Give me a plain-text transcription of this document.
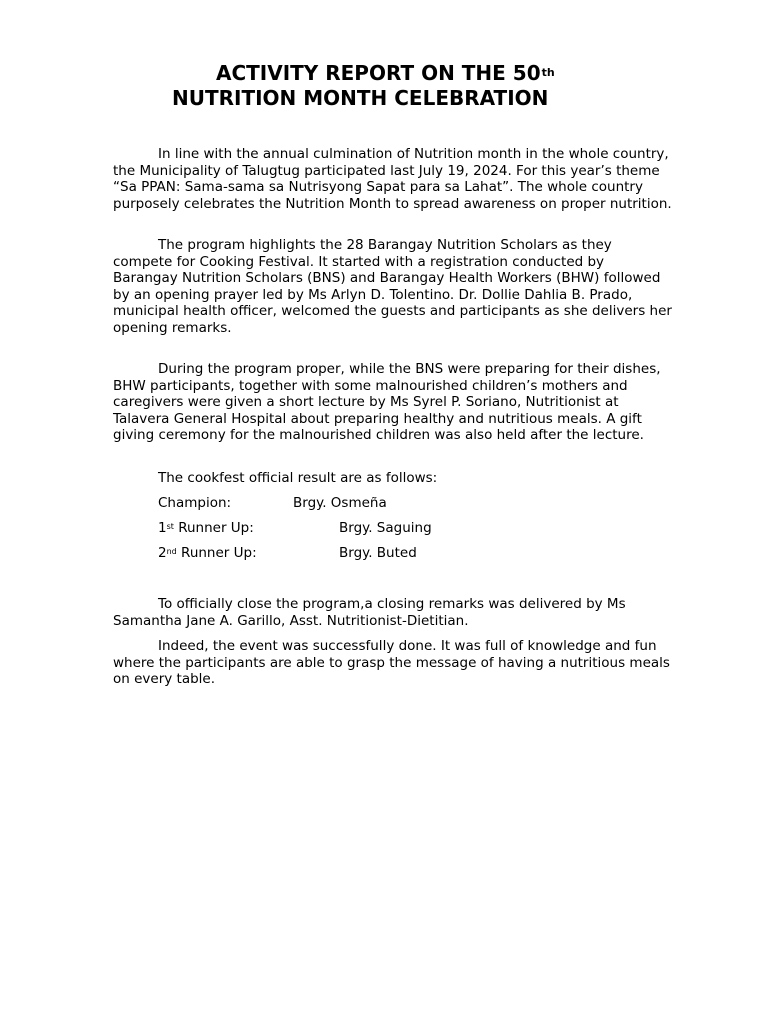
ACTIVITY REPORT ON THE 50th
NUTRITION MONTH CELEBRATION

In line with the annual culmination of Nutrition month in the whole country, the Municipality of Talugtug participated last July 19, 2024. For this year’s theme “Sa PPAN: Sama-sama sa Nutrisyong Sapat para sa Lahat”. The whole country purposely celebrates the Nutrition Month to spread awareness on proper nutrition.

The program highlights the 28 Barangay Nutrition Scholars as they compete for Cooking Festival. It started with a registration conducted by Barangay Nutrition Scholars (BNS) and Barangay Health Workers (BHW) followed by an opening prayer led by Ms Arlyn D. Tolentino. Dr. Dollie Dahlia B. Prado, municipal health officer, welcomed the guests and participants as she delivers her opening remarks.

During the program proper, while the BNS were preparing for their dishes, BHW participants, together with some malnourished children’s mothers and caregivers were given a short lecture by Ms Syrel P. Soriano, Nutritionist at Talavera General Hospital about preparing healthy and nutritious meals. A gift giving ceremony for the malnourished children was also held after the lecture.

The cookfest official result are as follows:

Champion:	Brgy. Osmeña
1st Runner Up:	Brgy. Saguing
2nd Runner Up:	Brgy. Buted

To officially close the program,a closing remarks was delivered by Ms Samantha Jane A. Garillo, Asst. Nutritionist-Dietitian.

Indeed, the event was successfully done. It was full of knowledge and fun where the participants are able to grasp the message of having a nutritious meals on every table.
